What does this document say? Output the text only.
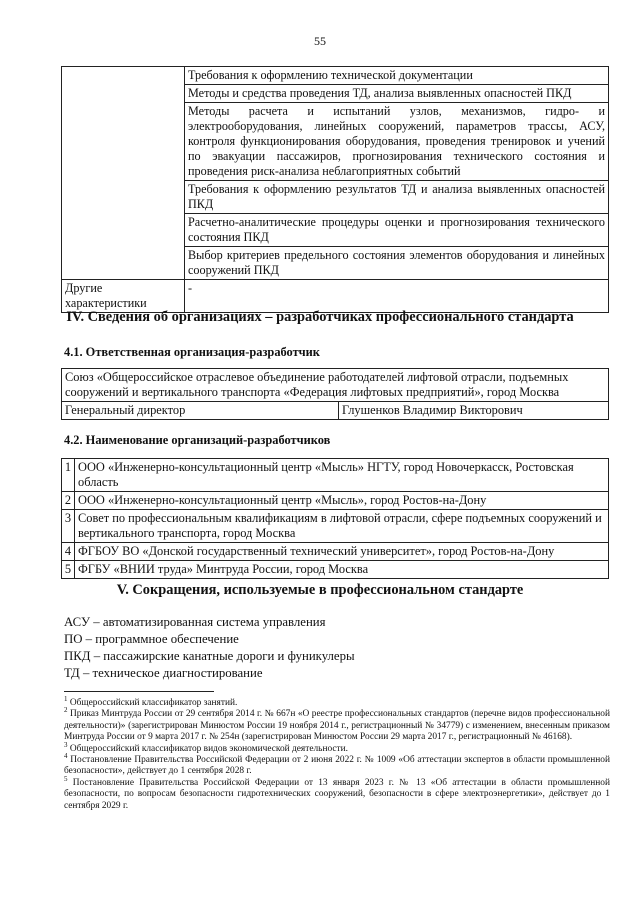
55
	Требования к оформлению технической документации
	Методы и средства проведения ТД, анализа выявленных опасностей ПКД
	Методы расчета и испытаний узлов, механизмов, гидро- и электрооборудования, линейных сооружений, параметров трассы, АСУ, контроля функционирования оборудования, проведения тренировок и учений по эвакуации пассажиров, прогнозирования технического состояния и проведения риск-анализа неблагоприятных событий
	Требования к оформлению результатов ТД и анализа выявленных опасностей ПКД
	Расчетно-аналитические процедуры оценки и прогнозирования технического состояния ПКД
	Выбор критериев предельного состояния элементов оборудования и линейных сооружений ПКД
Другие характеристики	-
IV. Сведения об организациях – разработчиках профессионального стандарта
4.1. Ответственная организация-разработчик
Союз «Общероссийское отраслевое объединение работодателей лифтовой отрасли, подъемных сооружений и вертикального транспорта «Федерация лифтовых предприятий», город Москва
Генеральный директор	Глушенков Владимир Викторович
4.2. Наименование организаций-разработчиков
1	ООО «Инженерно-консультационный центр «Мысль» НГТУ, город Новочеркасск, Ростовская область
2	ООО «Инженерно-консультационный центр «Мысль», город Ростов-на-Дону
3	Совет по профессиональным квалификациям в лифтовой отрасли, сфере подъемных сооружений и вертикального транспорта, город Москва
4	ФГБОУ ВО «Донской государственный технический университет», город Ростов-на-Дону
5	ФГБУ «ВНИИ труда» Минтруда России, город Москва
V. Сокращения, используемые в профессиональном стандарте
АСУ – автоматизированная система управления
ПО – программное обеспечение
ПКД – пассажирские канатные дороги и фуникулеры
ТД – техническое диагностирование

$^1$ Общероссийский классификатор занятий.

$^2$ Приказ Минтруда России от 29 сентября 2014 г. № 667н «О реестре профессиональных стандартов (перечне видов профессиональной деятельности)» (зарегистрирован Минюстом России 19 ноября 2014 г., регистрационный № 34779) с изменением, внесенным приказом Минтруда России от 9 марта 2017 г. № 254н (зарегистрирован Минюстом России 29 марта 2017 г., регистрационный № 46168).

$^3$ Общероссийский классификатор видов экономической деятельности.

$^4$ Постановление Правительства Российской Федерации от 2 июня 2022 г. № 1009 «Об аттестации экспертов в области промышленной безопасности», действует до 1 сентября 2028 г.

$^5$ Постановление Правительства Российской Федерации от 13 января 2023 г. № 13 «Об аттестации в области промышленной безопасности, по вопросам безопасности гидротехнических сооружений, безопасности в сфере электроэнергетики», действует до 1 сентября 2029 г.
